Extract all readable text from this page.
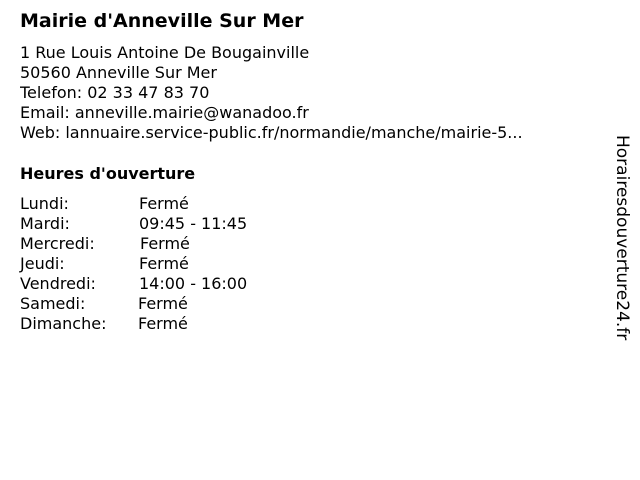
Mairie d'Anneville Sur Mer
1 Rue Louis Antoine De Bougainville
50560 Anneville Sur Mer
Telefon: 02 33 47 83 70
Email: anneville.mairie@wanadoo.fr
Web: lannuaire.service-public.fr/normandie/manche/mairie-5...
Heures d'ouverture
Lundi:	Fermé
Mardi:	09:45 - 11:45
Mercredi:	Fermé
Jeudi:	Fermé
Vendredi:	14:00 - 16:00
Samedi:	Fermé
Dimanche: Fermé	Horairesdouverture24.fr
